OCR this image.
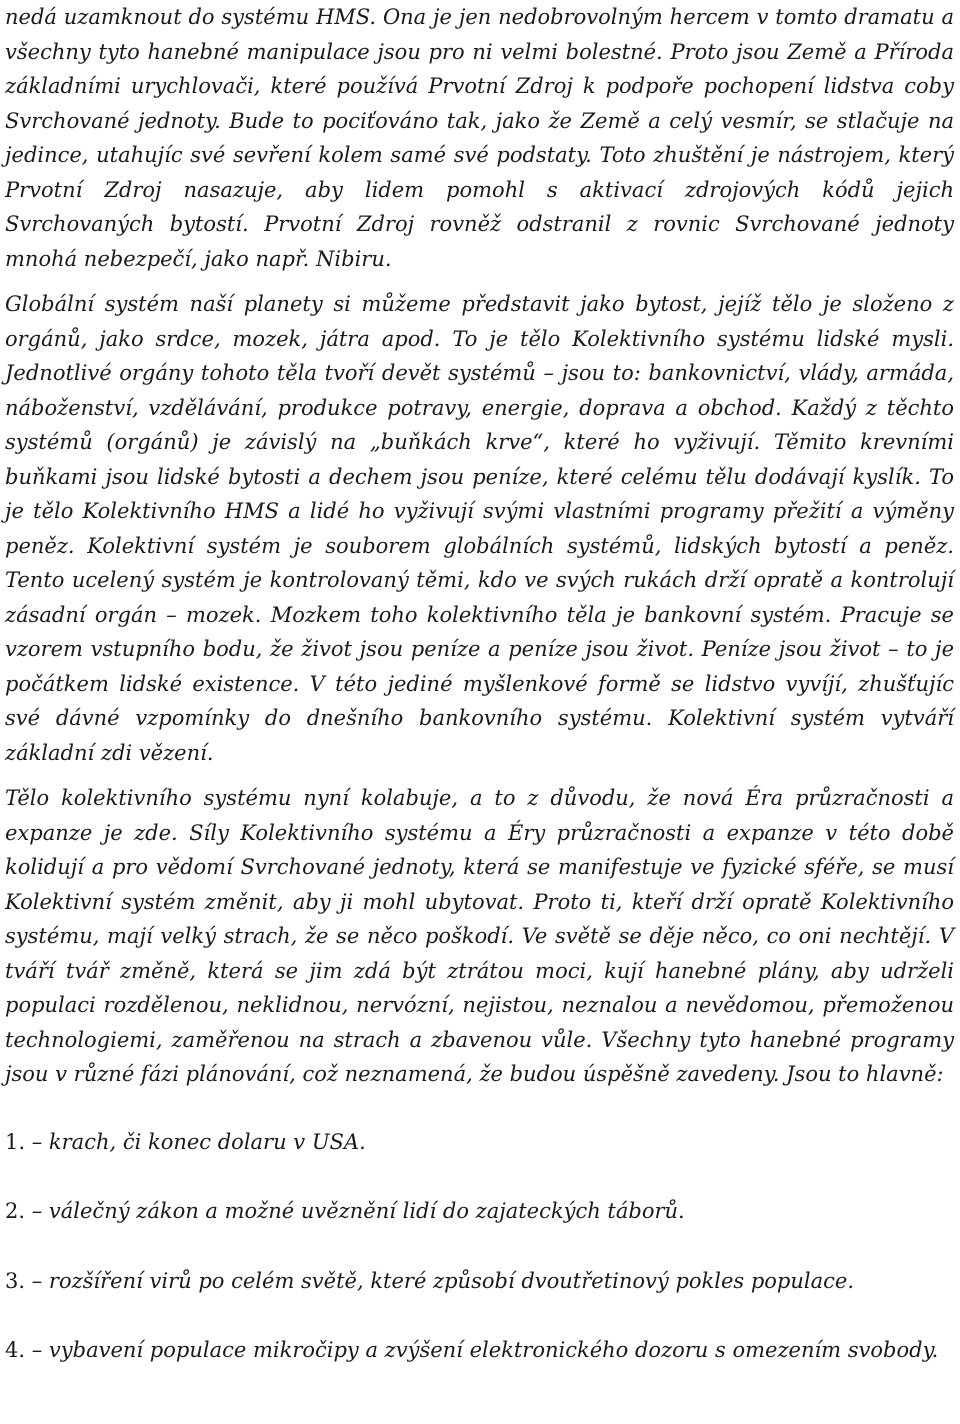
nedá uzamknout do systému HMS. Ona je jen nedobrovolným hercem v tomto dramatu a všechny tyto hanebné manipulace jsou pro ni velmi bolestné. Proto jsou Země a Příroda základními urychlovači, které používá Prvotní Zdroj k podpoře pochopení lidstva coby Svrchované jednoty. Bude to pociťováno tak, jako že Země a celý vesmír, se stlačuje na jedince, utahujíc své sevření kolem samé své podstaty. Toto zhuštění je nástrojem, který Prvotní Zdroj nasazuje, aby lidem pomohl s aktivací zdrojových kódů jejich Svrchovaných bytostí. Prvotní Zdroj rovněž odstranil z rovnic Svrchované jednoty mnohá nebezpečí, jako např. Nibiru.

Globální systém naší planety si můžeme představit jako bytost, jejíž tělo je složeno z orgánů, jako srdce, mozek, játra apod. To je tělo Kolektivního systému lidské mysli. Jednotlivé orgány tohoto těla tvoří devět systémů – jsou to: bankovnictví, vlády, armáda, náboženství, vzdělávání, produkce potravy, energie, doprava a obchod. Každý z těchto systémů (orgánů) je závislý na „buňkách krve“, které ho vyživují. Těmito krevními buňkami jsou lidské bytosti a dechem jsou peníze, které celému tělu dodávají kyslík. To je tělo Kolektivního HMS a lidé ho vyživují svými vlastními programy přežití a výměny peněz. Kolektivní systém je souborem globálních systémů, lidských bytostí a peněz. Tento ucelený systém je kontrolovaný těmi, kdo ve svých rukách drží opratě a kontrolují zásadní orgán – mozek. Mozkem toho kolektivního těla je bankovní systém. Pracuje se vzorem vstupního bodu, že život jsou peníze a peníze jsou život. Peníze jsou život – to je počátkem lidské existence. V této jediné myšlenkové formě se lidstvo vyvíjí, zhušťujíc své dávné vzpomínky do dnešního bankovního systému. Kolektivní systém vytváří základní zdi vězení.

Tělo kolektivního systému nyní kolabuje, a to z důvodu, že nová Éra průzračnosti a expanze je zde. Síly Kolektivního systému a Éry průzračnosti a expanze v této době kolidují a pro vědomí Svrchované jednoty, která se manifestuje ve fyzické sféře, se musí Kolektivní systém změnit, aby ji mohl ubytovat. Proto ti, kteří drží opratě Kolektivního systému, mají velký strach, že se něco poškodí. Ve světě se děje něco, co oni nechtějí. V tváří tvář změně, která se jim zdá být ztrátou moci, kují hanebné plány, aby udrželi populaci rozdělenou, neklidnou, nervózní, nejistou, neznalou a nevědomou, přemoženou technologiemi, zaměřenou na strach a zbavenou vůle. Všechny tyto hanebné programy jsou v různé fázi plánování, což neznamená, že budou úspěšně zavedeny. Jsou to hlavně:

1. – krach, či konec dolaru v USA.

2. – válečný zákon a možné uvěznění lidí do zajateckých táborů.

3. – rozšíření virů po celém světě, které způsobí dvoutřetinový pokles populace.

4. – vybavení populace mikročipy a zvýšení elektronického dozoru s omezením svobody.
